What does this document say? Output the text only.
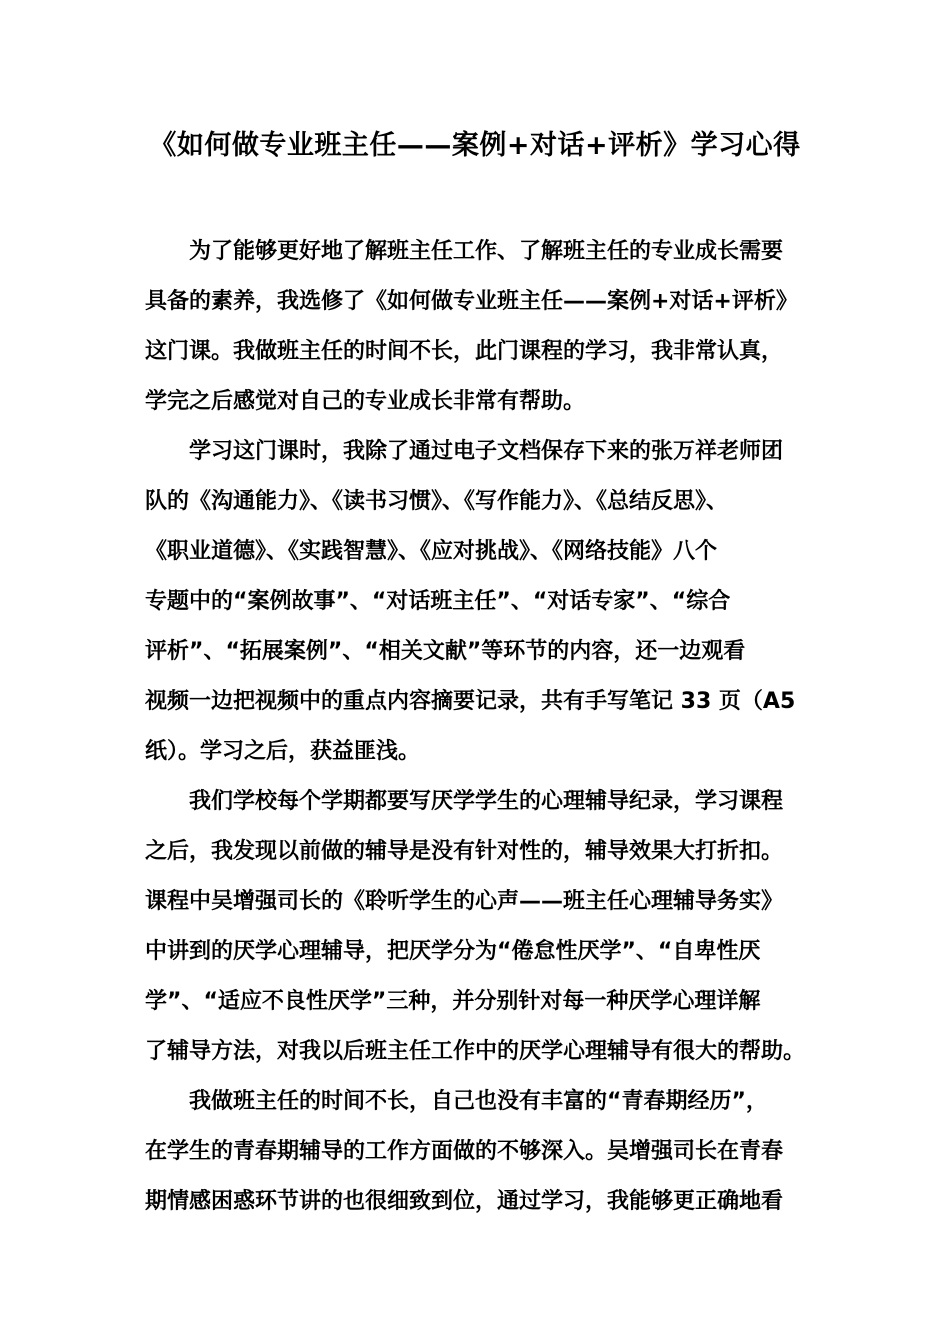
《如何做专业班主任——案例+对话+评析》学习心得
为了能够更好地了解班主任工作、了解班主任的专业成长需要
具备的素养，我选修了《如何做专业班主任——案例+对话+评析》
这门课。我做班主任的时间不长，此门课程的学习，我非常认真，
学完之后感觉对自己的专业成长非常有帮助。
学习这门课时，我除了通过电子文档保存下来的张万祥老师团
队的《沟通能力》、《读书习惯》、《写作能力》、《总结反思》、
《职业道德》、《实践智慧》、《应对挑战》、《网络技能》八个
专题中的“案例故事”、“对话班主任”、“对话专家”、“综合
评析”、“拓展案例”、“相关文献”等环节的内容，还一边观看
视频一边把视频中的重点内容摘要记录，共有手写笔记 33 页（A5
纸）。学习之后，获益匪浅。
我们学校每个学期都要写厌学学生的心理辅导纪录，学习课程
之后，我发现以前做的辅导是没有针对性的，辅导效果大打折扣。
课程中吴增强司长的《聆听学生的心声——班主任心理辅导务实》
中讲到的厌学心理辅导，把厌学分为“倦怠性厌学”、“自卑性厌
学”、“适应不良性厌学”三种，并分别针对每一种厌学心理详解
了辅导方法，对我以后班主任工作中的厌学心理辅导有很大的帮助。
我做班主任的时间不长，自己也没有丰富的“青春期经历”，
在学生的青春期辅导的工作方面做的不够深入。吴增强司长在青春
期情感困惑环节讲的也很细致到位，通过学习，我能够更正确地看
